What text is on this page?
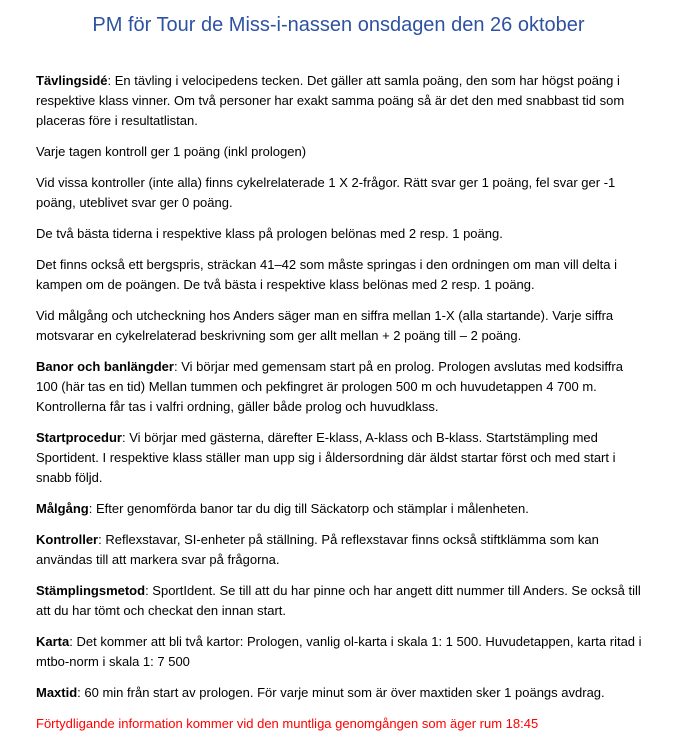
PM för Tour de Miss-i-nassen onsdagen den 26 oktober

Tävlingsidé: En tävling i velocipedens tecken. Det gäller att samla poäng, den som har högst poäng i respektive klass vinner. Om två personer har exakt samma poäng så är det den med snabbast tid som placeras före i resultatlistan.

Varje tagen kontroll ger 1 poäng (inkl prologen)

Vid vissa kontroller (inte alla) finns cykelrelaterade 1 X 2-frågor. Rätt svar ger 1 poäng, fel svar ger -1 poäng, uteblivet svar ger 0 poäng.

De två bästa tiderna i respektive klass på prologen belönas med 2 resp. 1 poäng.

Det finns också ett bergspris, sträckan 41–42 som måste springas i den ordningen om man vill delta i kampen om de poängen. De två bästa i respektive klass belönas med 2 resp. 1 poäng.

Vid målgång och utcheckning hos Anders säger man en siffra mellan 1-X (alla startande). Varje siffra motsvarar en cykelrelaterad beskrivning som ger allt mellan + 2 poäng till – 2 poäng.

Banor och banlängder: Vi börjar med gemensam start på en prolog. Prologen avslutas med kodsiffra 100 (här tas en tid) Mellan tummen och pekfingret är prologen 500 m och huvudetappen 4 700 m. Kontrollerna får tas i valfri ordning, gäller både prolog och huvudklass.

Startprocedur: Vi börjar med gästerna, därefter E-klass, A-klass och B-klass. Startstämpling med Sportident. I respektive klass ställer man upp sig i åldersordning där äldst startar först och med start i snabb följd.

Målgång: Efter genomförda banor tar du dig till Säckatorp och stämplar i målenheten.

Kontroller: Reflexstavar, SI-enheter på ställning. På reflexstavar finns också stiftklämma som kan användas till att markera svar på frågorna.

Stämplingsmetod: SportIdent. Se till att du har pinne och har angett ditt nummer till Anders. Se också till att du har tömt och checkat den innan start.

Karta: Det kommer att bli två kartor: Prologen, vanlig ol-karta i skala 1: 1 500. Huvudetappen, karta ritad i mtbo-norm i skala 1: 7 500

Maxtid: 60 min från start av prologen. För varje minut som är över maxtiden sker 1 poängs avdrag.

Förtydligande information kommer vid den muntliga genomgången som äger rum 18:45
